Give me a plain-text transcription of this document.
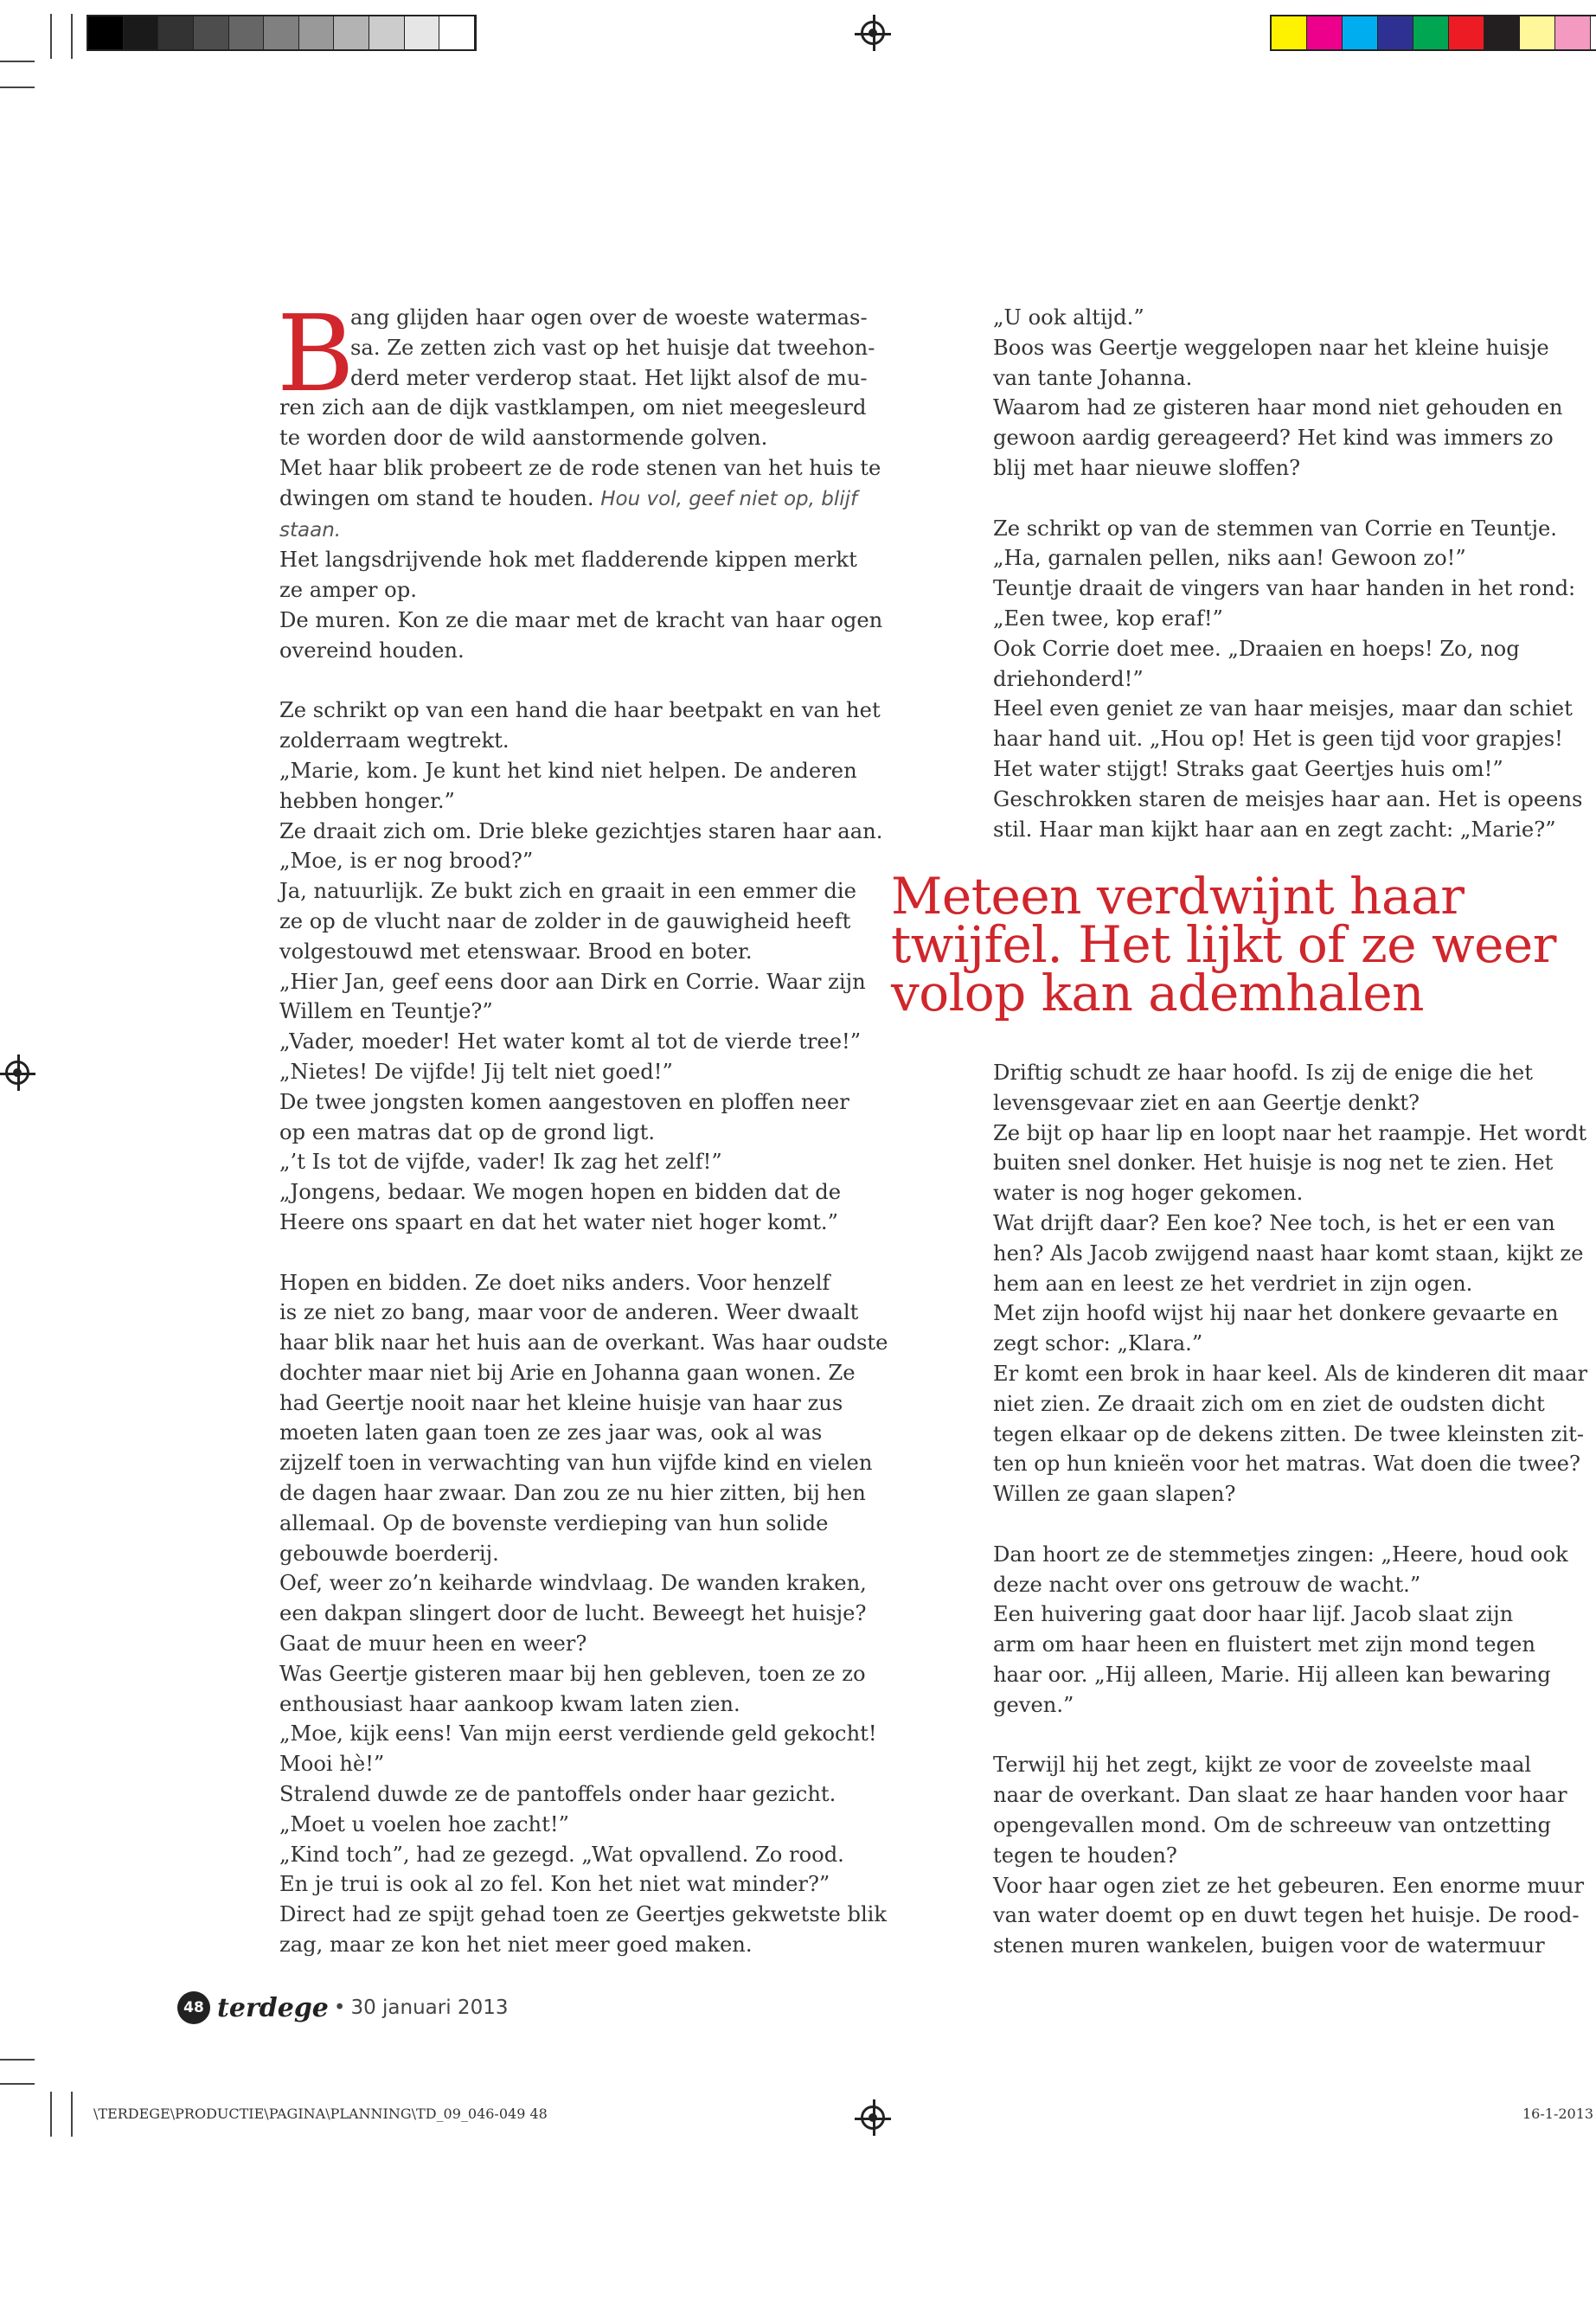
B

ang glijden haar ogen over de woeste watermas-

sa. Ze zetten zich vast op het huisje dat tweehon-

derd meter verderop staat. Het lijkt alsof de mu-

ren zich aan de dijk vastklampen, om niet meegesleurd

te worden door de wild aanstormende golven.

Met haar blik probeert ze de rode stenen van het huis te

dwingen om stand te houden. Hou vol, geef niet op, blijf

staan.

Het langsdrijvende hok met fladderende kippen merkt

ze amper op.

De muren. Kon ze die maar met de kracht van haar ogen

overeind houden.

Ze schrikt op van een hand die haar beetpakt en van het

zolderraam wegtrekt.

„Marie, kom. Je kunt het kind niet helpen. De anderen

hebben honger.”

Ze draait zich om. Drie bleke gezichtjes staren haar aan.

„Moe, is er nog brood?”

Ja, natuurlijk. Ze bukt zich en graait in een emmer die

ze op de vlucht naar de zolder in de gauwigheid heeft

volgestouwd met etenswaar. Brood en boter.

„Hier Jan, geef eens door aan Dirk en Corrie. Waar zijn

Willem en Teuntje?”

„Vader, moeder! Het water komt al tot de vierde tree!”

„Nietes! De vijfde! Jij telt niet goed!”

De twee jongsten komen aangestoven en ploffen neer

op een matras dat op de grond ligt.

„’t Is tot de vijfde, vader! Ik zag het zelf!”

„Jongens, bedaar. We mogen hopen en bidden dat de

Heere ons spaart en dat het water niet hoger komt.”

Hopen en bidden. Ze doet niks anders. Voor henzelf

is ze niet zo bang, maar voor de anderen. Weer dwaalt

haar blik naar het huis aan de overkant. Was haar oudste

dochter maar niet bij Arie en Johanna gaan wonen. Ze

had Geertje nooit naar het kleine huisje van haar zus

moeten laten gaan toen ze zes jaar was, ook al was

zijzelf toen in verwachting van hun vijfde kind en vielen

de dagen haar zwaar. Dan zou ze nu hier zitten, bij hen

allemaal. Op de bovenste verdieping van hun solide

gebouwde boerderij.

Oef, weer zo’n keiharde windvlaag. De wanden kraken,

een dakpan slingert door de lucht. Beweegt het huisje?

Gaat de muur heen en weer?

Was Geertje gisteren maar bij hen gebleven, toen ze zo

enthousiast haar aankoop kwam laten zien.

„Moe, kijk eens! Van mijn eerst verdiende geld gekocht!

Mooi hè!”

Stralend duwde ze de pantoffels onder haar gezicht.

„Moet u voelen hoe zacht!”

„Kind toch”, had ze gezegd. „Wat opvallend. Zo rood.

En je trui is ook al zo fel. Kon het niet wat minder?”

Direct had ze spijt gehad toen ze Geertjes gekwetste blik

zag, maar ze kon het niet meer goed maken.

„U ook altijd.”

Boos was Geertje weggelopen naar het kleine huisje

van tante Johanna.

Waarom had ze gisteren haar mond niet gehouden en

gewoon aardig gereageerd? Het kind was immers zo

blij met haar nieuwe sloffen?

Ze schrikt op van de stemmen van Corrie en Teuntje.

„Ha, garnalen pellen, niks aan! Gewoon zo!”

Teuntje draait de vingers van haar handen in het rond:

„Een twee, kop eraf!”

Ook Corrie doet mee. „Draaien en hoeps! Zo, nog

driehonderd!”

Heel even geniet ze van haar meisjes, maar dan schiet

haar hand uit. „Hou op! Het is geen tijd voor grapjes!

Het water stijgt! Straks gaat Geertjes huis om!”

Geschrokken staren de meisjes haar aan. Het is opeens

stil. Haar man kijkt haar aan en zegt zacht: „Marie?”

Meteen verdwijnt haar

twijfel. Het lijkt of ze weer

volop kan ademhalen

Driftig schudt ze haar hoofd. Is zij de enige die het

levensgevaar ziet en aan Geertje denkt?

Ze bijt op haar lip en loopt naar het raampje. Het wordt

buiten snel donker. Het huisje is nog net te zien. Het

water is nog hoger gekomen.

Wat drijft daar? Een koe? Nee toch, is het er een van

hen? Als Jacob zwijgend naast haar komt staan, kijkt ze

hem aan en leest ze het verdriet in zijn ogen.

Met zijn hoofd wijst hij naar het donkere gevaarte en

zegt schor: „Klara.”

Er komt een brok in haar keel. Als de kinderen dit maar

niet zien. Ze draait zich om en ziet de oudsten dicht

tegen elkaar op de dekens zitten. De twee kleinsten zit-

ten op hun knieën voor het matras. Wat doen die twee?

Willen ze gaan slapen?

Dan hoort ze de stemmetjes zingen: „Heere, houd ook

deze nacht over ons getrouw de wacht.”

Een huivering gaat door haar lijf. Jacob slaat zijn

arm om haar heen en fluistert met zijn mond tegen

haar oor. „Hij alleen, Marie. Hij alleen kan bewaring

geven.”

Terwijl hij het zegt, kijkt ze voor de zoveelste maal

naar de overkant. Dan slaat ze haar handen voor haar

opengevallen mond. Om de schreeuw van ontzetting

tegen te houden?

Voor haar ogen ziet ze het gebeuren. Een enorme muur

van water doemt op en duwt tegen het huisje. De rood-

stenen muren wankelen, buigen voor de watermuur

48 terdege • 30 januari 2013
\TERDEGE\PRODUCTIE\PAGINA\PLANNING\TD_09_046-049 48	16-1-2013
